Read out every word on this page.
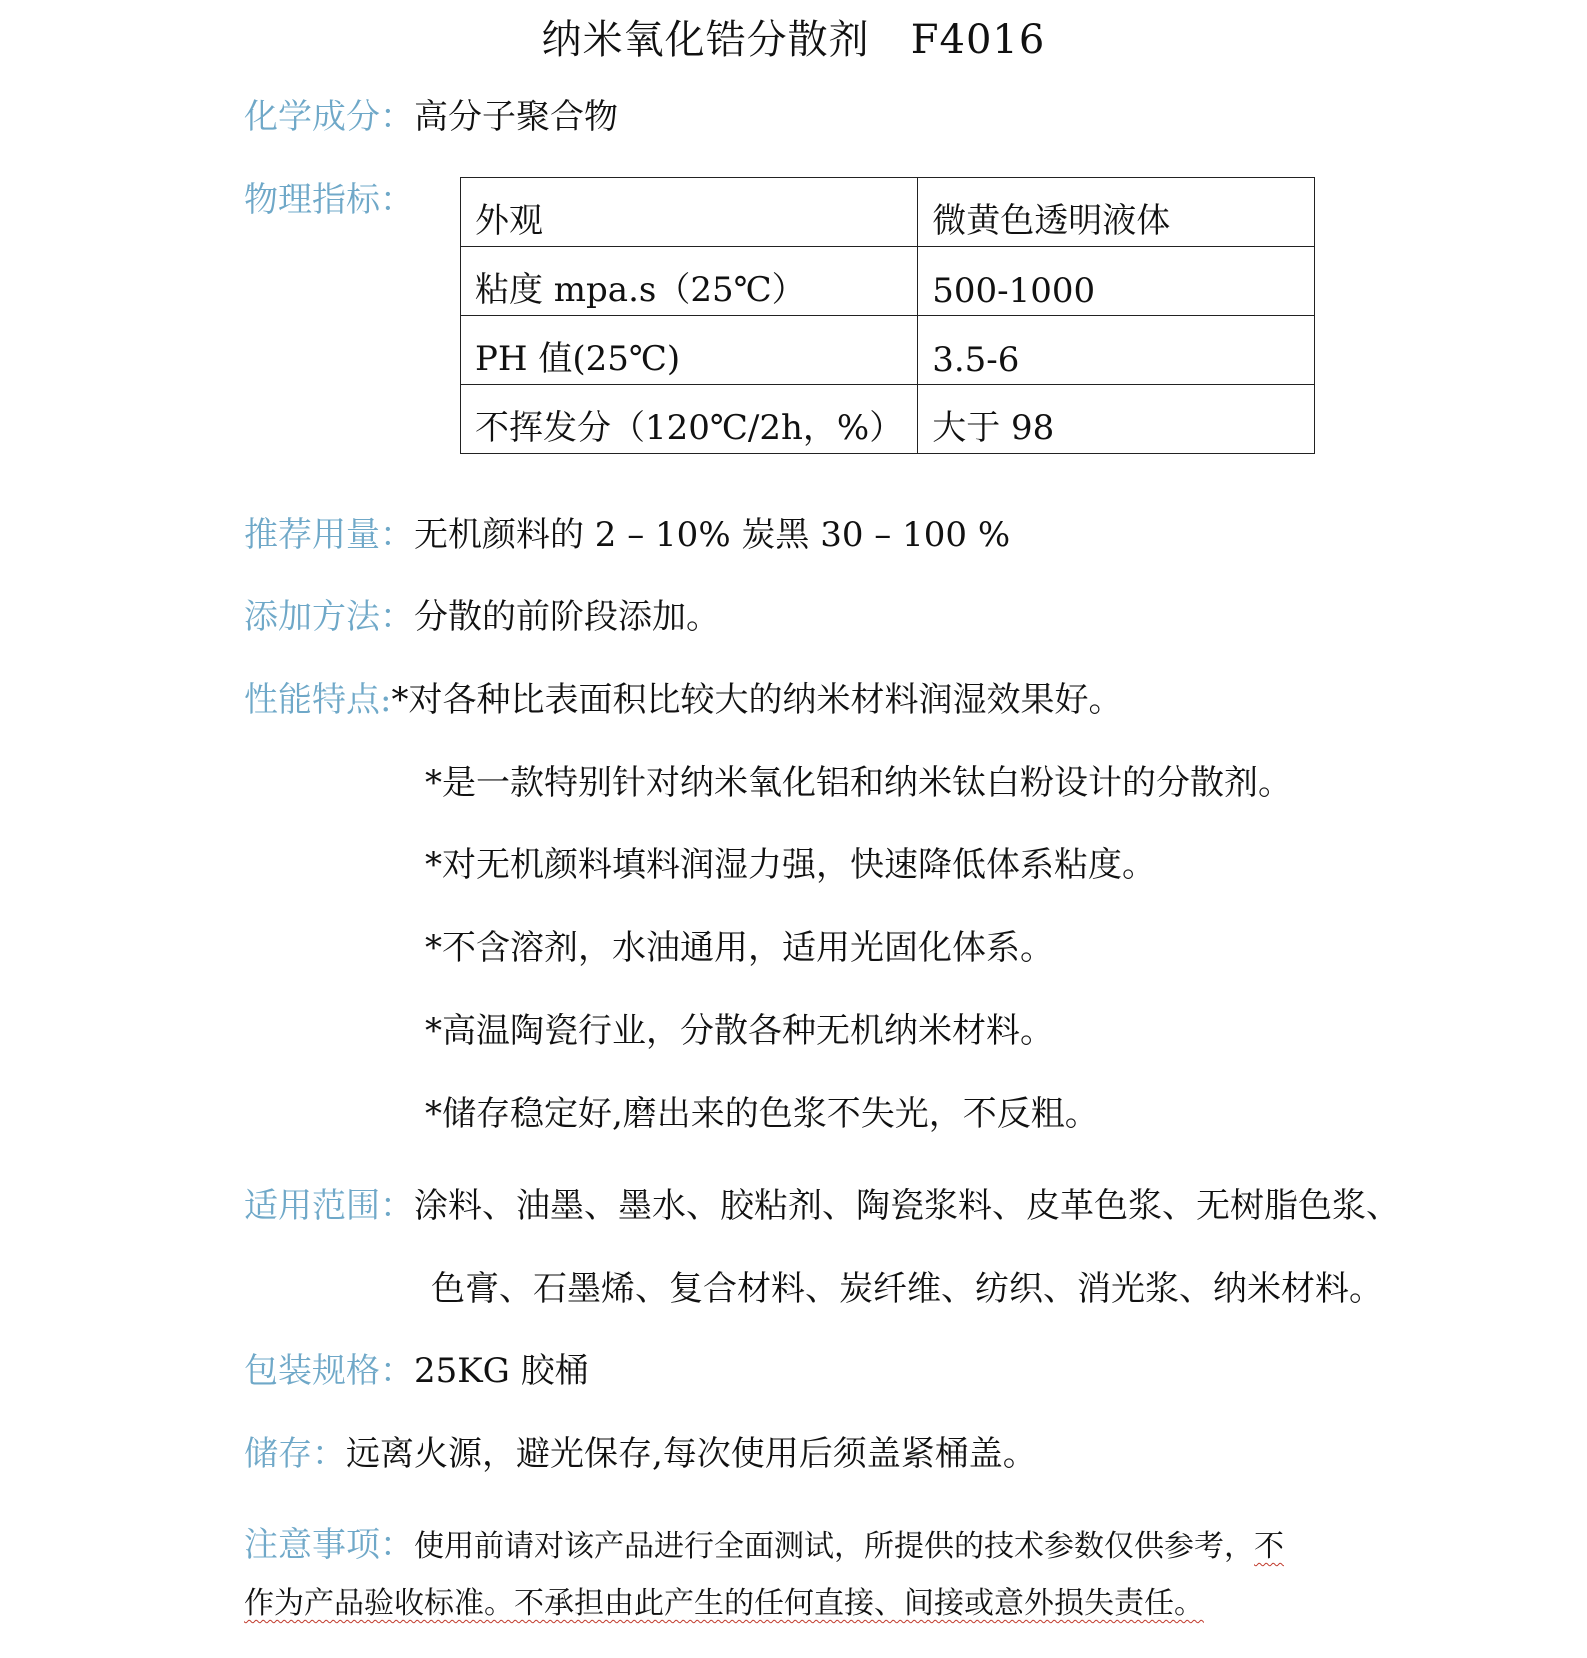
纳米氧化锆分散剂   F4016
化学成分：高分子聚合物
物理指标：
外观	微黄色透明液体
粘度 mpa.s（25℃）	500-1000
PH 值(25℃)	3.5-6
不挥发分（120℃/2h，%）	大于 98
推荐用量：无机颜料的 2 – 10% 炭黑 30 – 100 %
添加方法：分散的前阶段添加。
性能特点:*对各种比表面积比较大的纳米材料润湿效果好。
*是一款特别针对纳米氧化铝和纳米钛白粉设计的分散剂。
*对无机颜料填料润湿力强，快速降低体系粘度。
*不含溶剂，水油通用，适用光固化体系。
*高温陶瓷行业，分散各种无机纳米材料。
*储存稳定好,磨出来的色浆不失光，不反粗。
适用范围：涂料、油墨、墨水、胶粘剂、陶瓷浆料、皮革色浆、无树脂色浆、
色膏、石墨烯、复合材料、炭纤维、纺织、消光浆、纳米材料。
包装规格：25KG 胶桶
储存：远离火源，避光保存,每次使用后须盖紧桶盖。
注意事项：使用前请对该产品进行全面测试，所提供的技术参数仅供参考，不
作为产品验收标准。不承担由此产生的任何直接、间接或意外损失责任。
